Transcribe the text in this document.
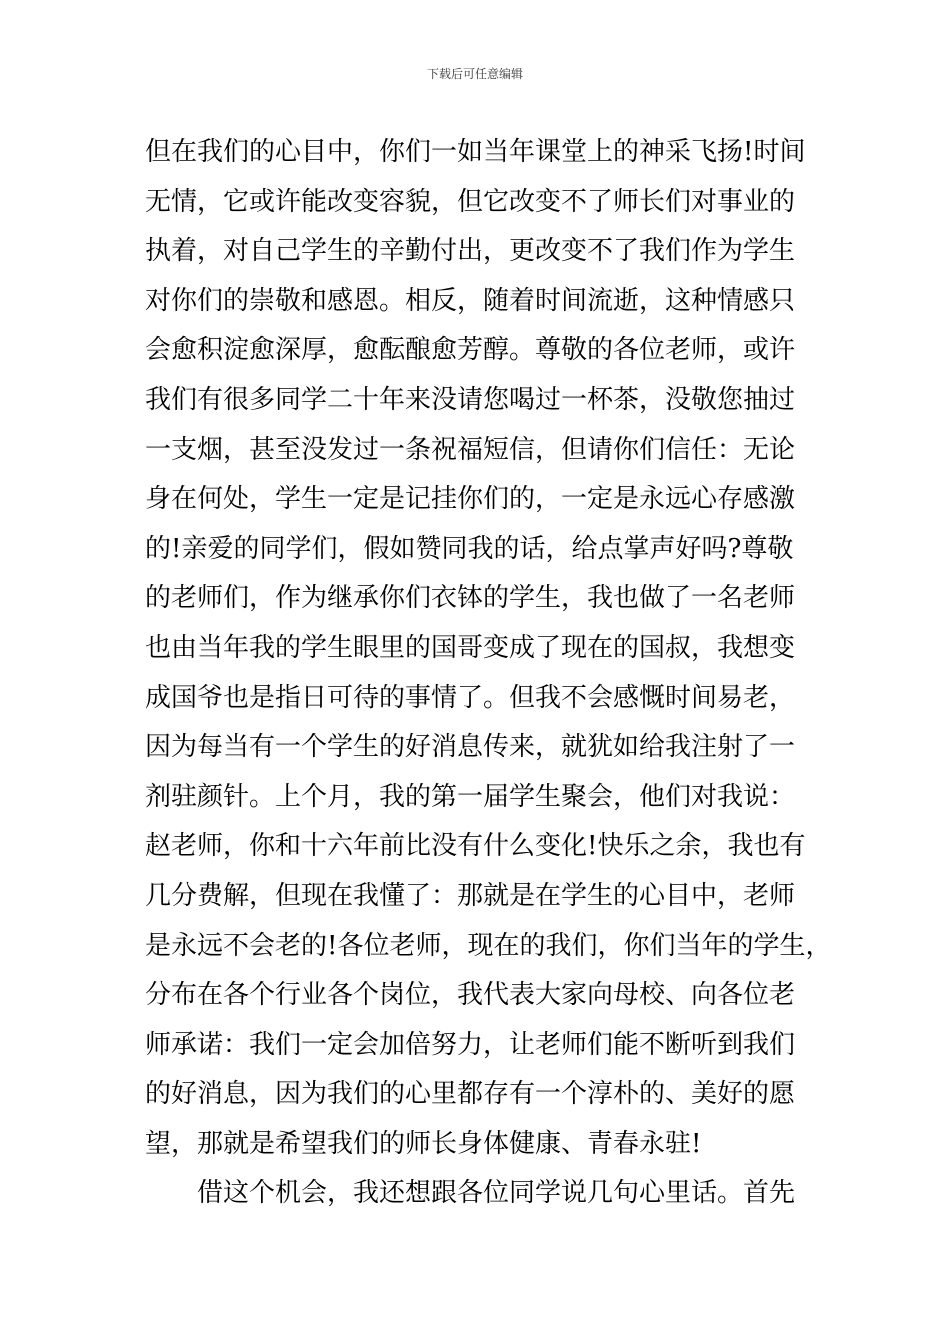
下载后可任意编辑
但在我们的心目中，你们一如当年课堂上的神采飞扬!时间
无情，它或许能改变容貌，但它改变不了师长们对事业的
执着，对自己学生的辛勤付出，更改变不了我们作为学生
对你们的崇敬和感恩。相反，随着时间流逝，这种情感只
会愈积淀愈深厚，愈酝酿愈芳醇。尊敬的各位老师，或许
我们有很多同学二十年来没请您喝过一杯茶，没敬您抽过
一支烟，甚至没发过一条祝福短信，但请你们信任：无论
身在何处，学生一定是记挂你们的，一定是永远心存感激
的!亲爱的同学们，假如赞同我的话，给点掌声好吗?尊敬
的老师们，作为继承你们衣钵的学生，我也做了一名老师
也由当年我的学生眼里的国哥变成了现在的国叔，我想变
成国爷也是指日可待的事情了。但我不会感慨时间易老，
因为每当有一个学生的好消息传来，就犹如给我注射了一
剂驻颜针。上个月，我的第一届学生聚会，他们对我说：
赵老师，你和十六年前比没有什么变化!快乐之余，我也有
几分费解，但现在我懂了：那就是在学生的心目中，老师
是永远不会老的!各位老师，现在的我们，你们当年的学生，
分布在各个行业各个岗位，我代表大家向母校、向各位老
师承诺：我们一定会加倍努力，让老师们能不断听到我们
的好消息，因为我们的心里都存有一个淳朴的、美好的愿
望，那就是希望我们的师长身体健康、青春永驻!
借这个机会，我还想跟各位同学说几句心里话。首先
